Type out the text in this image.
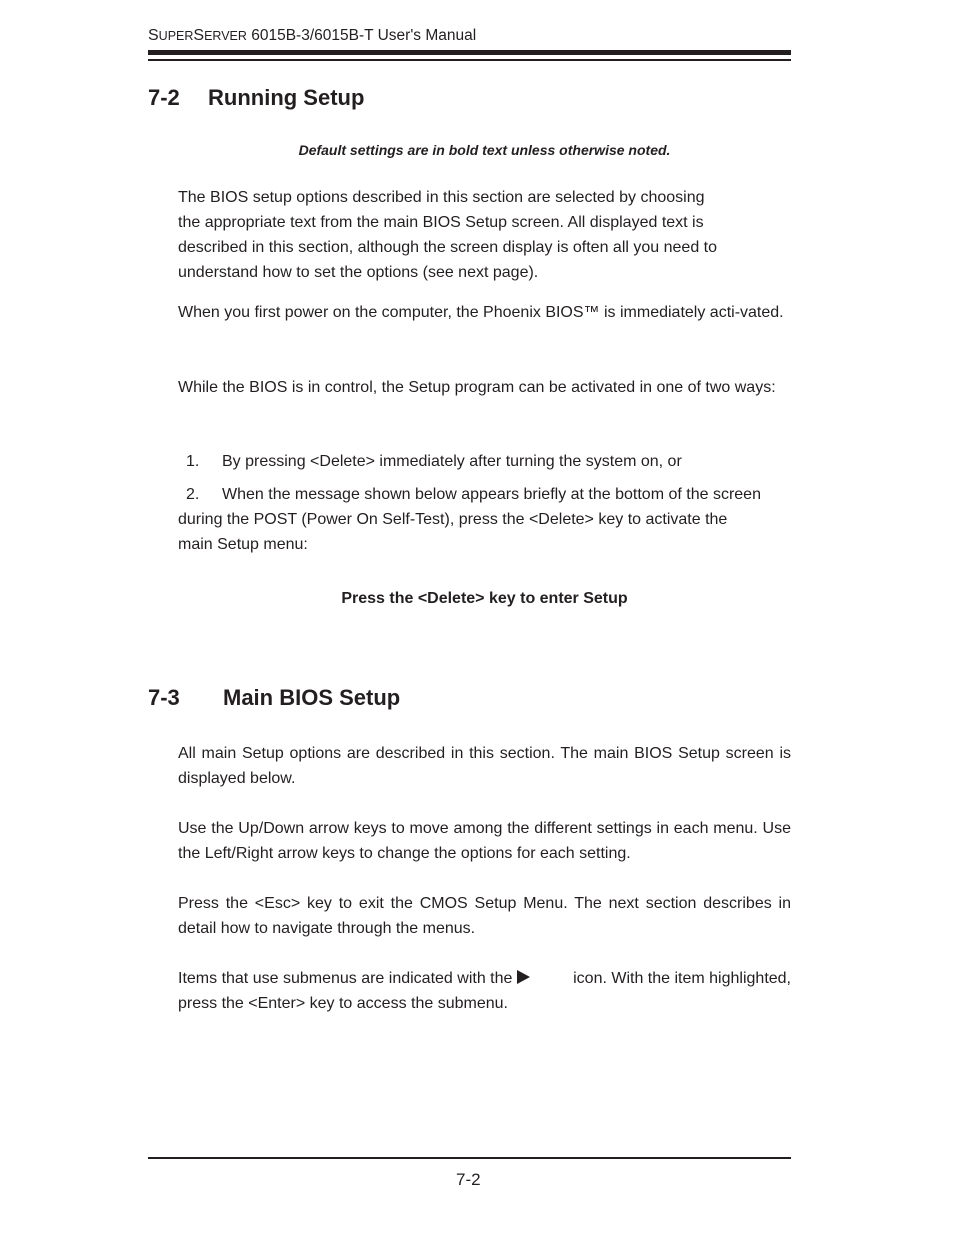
SUPERSERVER 6015B-3/6015B-T User's Manual
7-2 Running Setup
Default settings are in bold text unless otherwise noted.
The BIOS setup options described in this section are selected by choosing
the appropriate text from the main BIOS Setup screen. All displayed text is
described in this section, although the screen display is often all you need to
understand how to set the options (see next page).
When you first power on the computer, the Phoenix BIOS™ is immediately acti-vated.
While the BIOS is in control, the Setup program can be activated in one of two ways:
1. By pressing <Delete> immediately after turning the system on, or
2. When the message shown below appears briefly at the bottom of the screen
during the POST (Power On Self-Test), press the <Delete> key to activate the
main Setup menu:
Press the <Delete> key to enter Setup
7-3 Main BIOS Setup
All main Setup options are described in this section. The main BIOS Setup screen is displayed below.
Use the Up/Down arrow keys to move among the different settings in each menu. Use the Left/Right arrow keys to change the options for each setting.
Press the <Esc> key to exit the CMOS Setup Menu. The next section describes in detail how to navigate through the menus.
Items that use submenus are indicated with the	icon. With the item highlighted,
press the <Enter> key to access the submenu.
7-2
